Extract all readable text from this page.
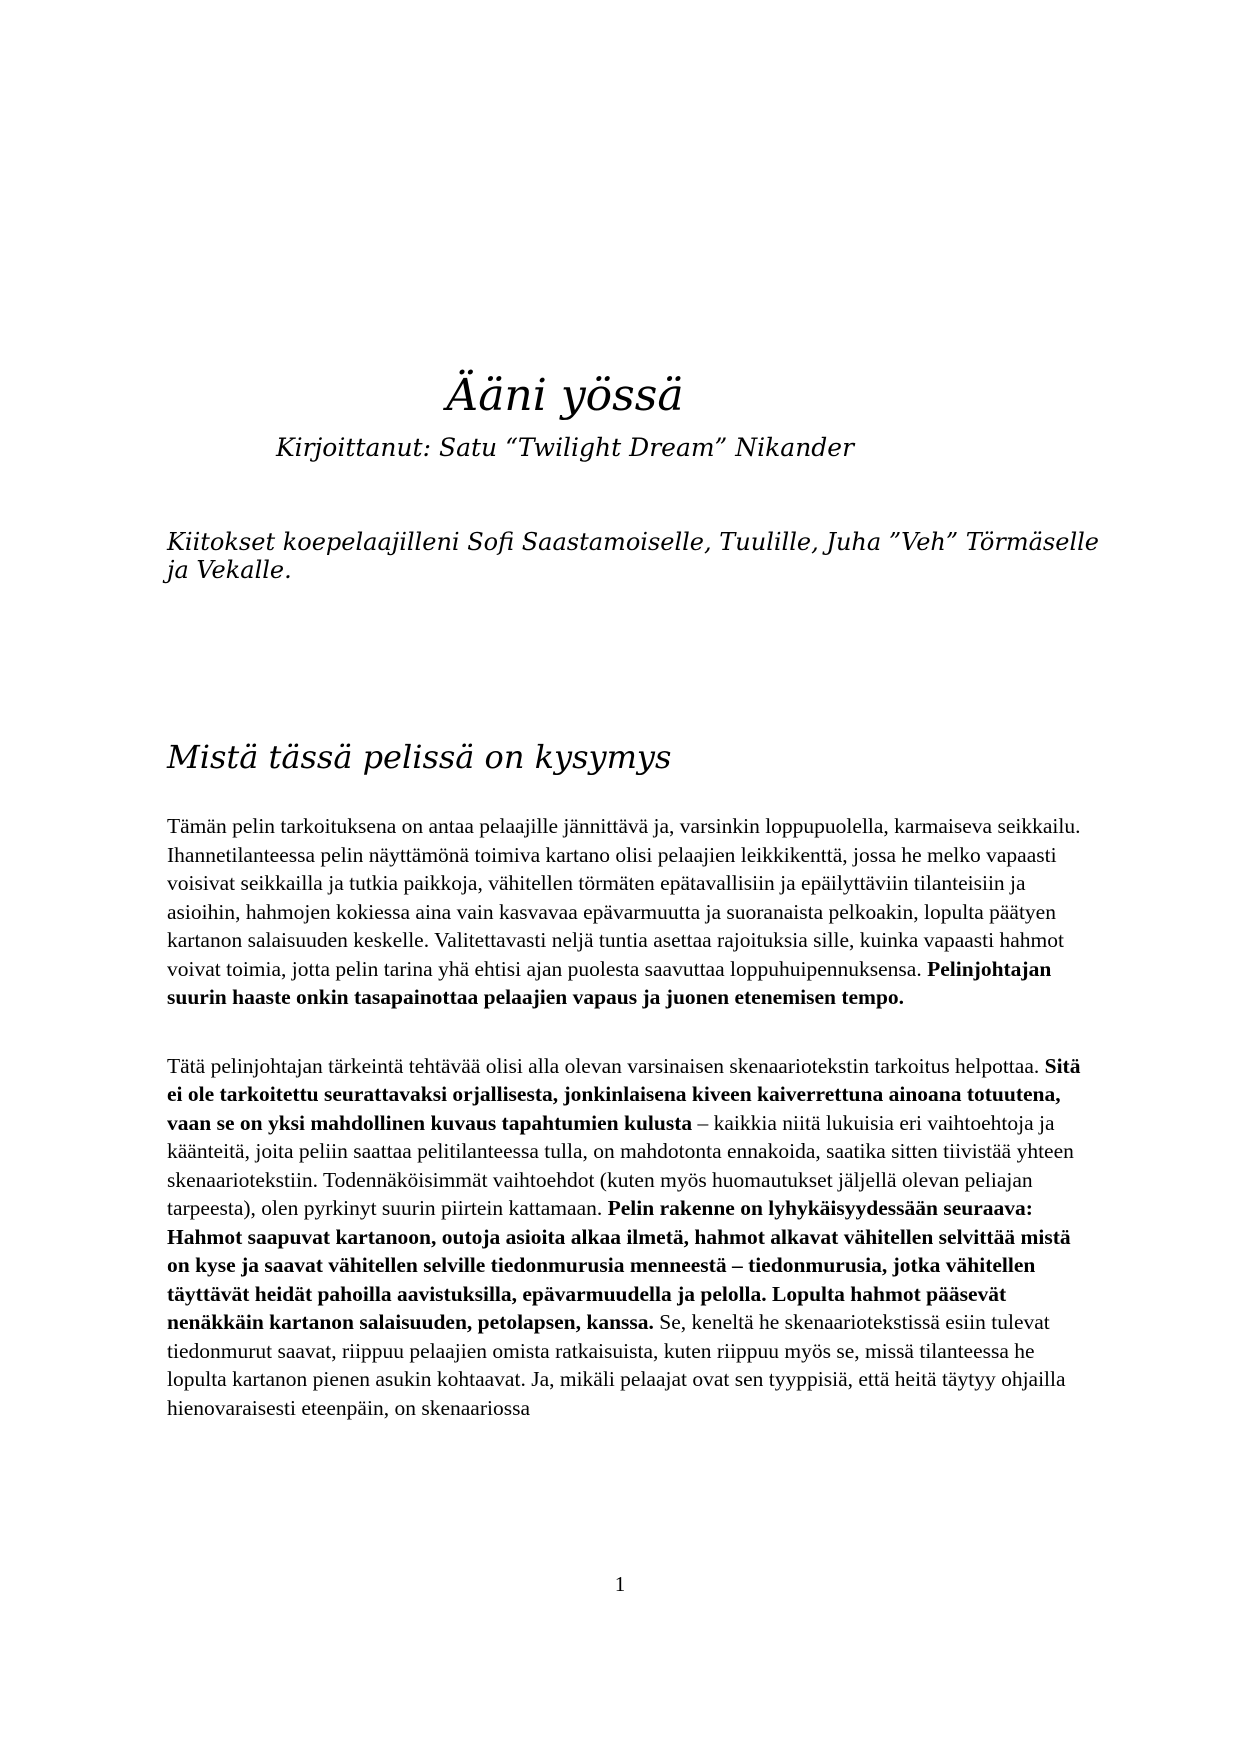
Ääni yössä
Kirjoittanut: Satu “Twilight Dream” Nikander
Kiitokset koepelaajilleni Sofi Saastamoiselle, Tuulille, Juha ”Veh” Törmäselle ja Vekalle.
Mistä tässä pelissä on kysymys

Tämän pelin tarkoituksena on antaa pelaajille jännittävä ja, varsinkin loppupuolella, karmaiseva seikkailu. Ihannetilanteessa pelin näyttämönä toimiva kartano olisi pelaajien leikkikenttä, jossa he melko vapaasti voisivat seikkailla ja tutkia paikkoja, vähitellen törmäten epätavallisiin ja epäilyttäviin tilanteisiin ja asioihin, hahmojen kokiessa aina vain kasvavaa epävarmuutta ja suoranaista pelkoakin, lopulta päätyen kartanon salaisuuden keskelle. Valitettavasti neljä tuntia asettaa rajoituksia sille, kuinka vapaasti hahmot voivat toimia, jotta pelin tarina yhä ehtisi ajan puolesta saavuttaa loppuhuipennuksensa. Pelinjohtajan suurin haaste onkin tasapainottaa pelaajien vapaus ja juonen etenemisen tempo.

Tätä pelinjohtajan tärkeintä tehtävää olisi alla olevan varsinaisen skenaariotekstin tarkoitus helpottaa. Sitä ei ole tarkoitettu seurattavaksi orjallisesta, jonkinlaisena kiveen kaiverrettuna ainoana totuutena, vaan se on yksi mahdollinen kuvaus tapahtumien kulusta – kaikkia niitä lukuisia eri vaihtoehtoja ja käänteitä, joita peliin saattaa pelitilanteessa tulla, on mahdotonta ennakoida, saatika sitten tiivistää yhteen skenaariotekstiin. Todennäköisimmät vaihtoehdot (kuten myös huomautukset jäljellä olevan peliajan tarpeesta), olen pyrkinyt suurin piirtein kattamaan. Pelin rakenne on lyhykäisyydessään seuraava: Hahmot saapuvat kartanoon, outoja asioita alkaa ilmetä, hahmot alkavat vähitellen selvittää mistä on kyse ja saavat vähitellen selville tiedonmurusia menneestä – tiedonmurusia, jotka vähitellen täyttävät heidät pahoilla aavistuksilla, epävarmuudella ja pelolla. Lopulta hahmot pääsevät nenäkkäin kartanon salaisuuden, petolapsen, kanssa. Se, keneltä he skenaariotekstissä esiin tulevat tiedonmurut saavat, riippuu pelaajien omista ratkaisuista, kuten riippuu myös se, missä tilanteessa he lopulta kartanon pienen asukin kohtaavat. Ja, mikäli pelaajat ovat sen tyyppisiä, että heitä täytyy ohjailla hienovaraisesti eteenpäin, on skenaariossa

1
